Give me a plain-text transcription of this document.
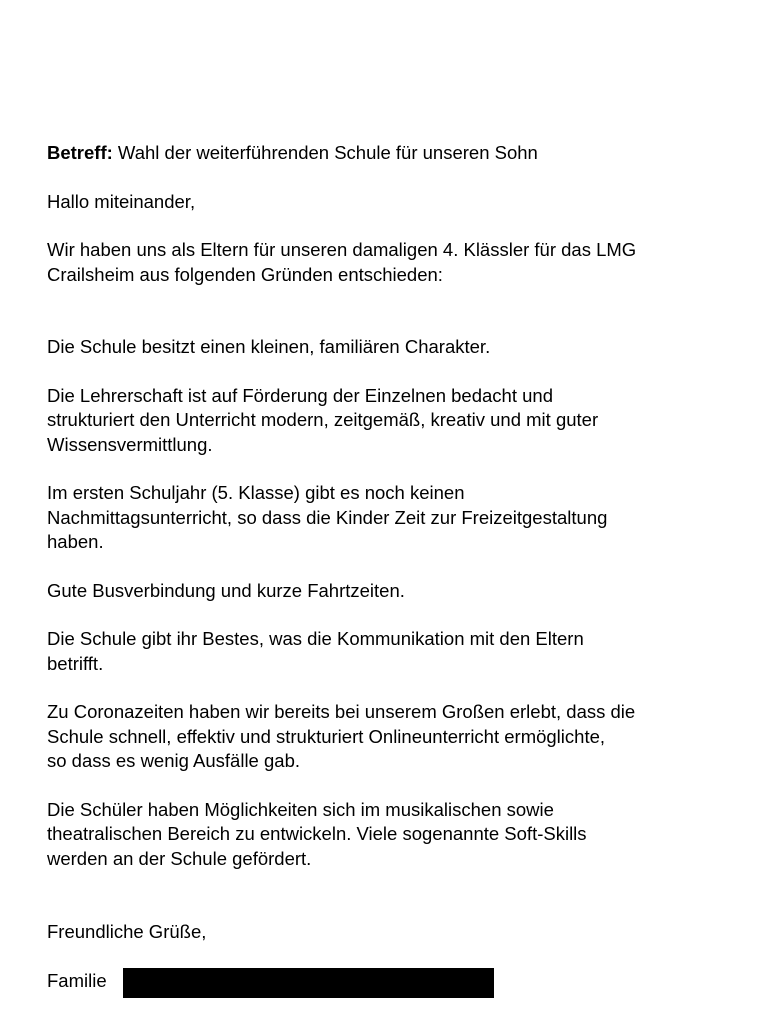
Betreff: Wahl der weiterführenden Schule für unseren Sohn

Hallo miteinander,

Wir haben uns als Eltern für unseren damaligen 4. Klässler für das LMG
Crailsheim aus folgenden Gründen entschieden:

Die Schule besitzt einen kleinen, familiären Charakter.

Die Lehrerschaft ist auf Förderung der Einzelnen bedacht und
strukturiert den Unterricht modern, zeitgemäß, kreativ und mit guter
Wissensvermittlung.

Im ersten Schuljahr (5. Klasse) gibt es noch keinen
Nachmittagsunterricht, so dass die Kinder Zeit zur Freizeitgestaltung
haben.

Gute Busverbindung und kurze Fahrtzeiten.

Die Schule gibt ihr Bestes, was die Kommunikation mit den Eltern
betrifft.

Zu Coronazeiten haben wir bereits bei unserem Großen erlebt, dass die
Schule schnell, effektiv und strukturiert Onlineunterricht ermöglichte,
so dass es wenig Ausfälle gab.

Die Schüler haben Möglichkeiten sich im musikalischen sowie
theatralischen Bereich zu entwickeln. Viele sogenannte Soft-Skills
werden an der Schule gefördert.

Freundliche Grüße,

Familie
